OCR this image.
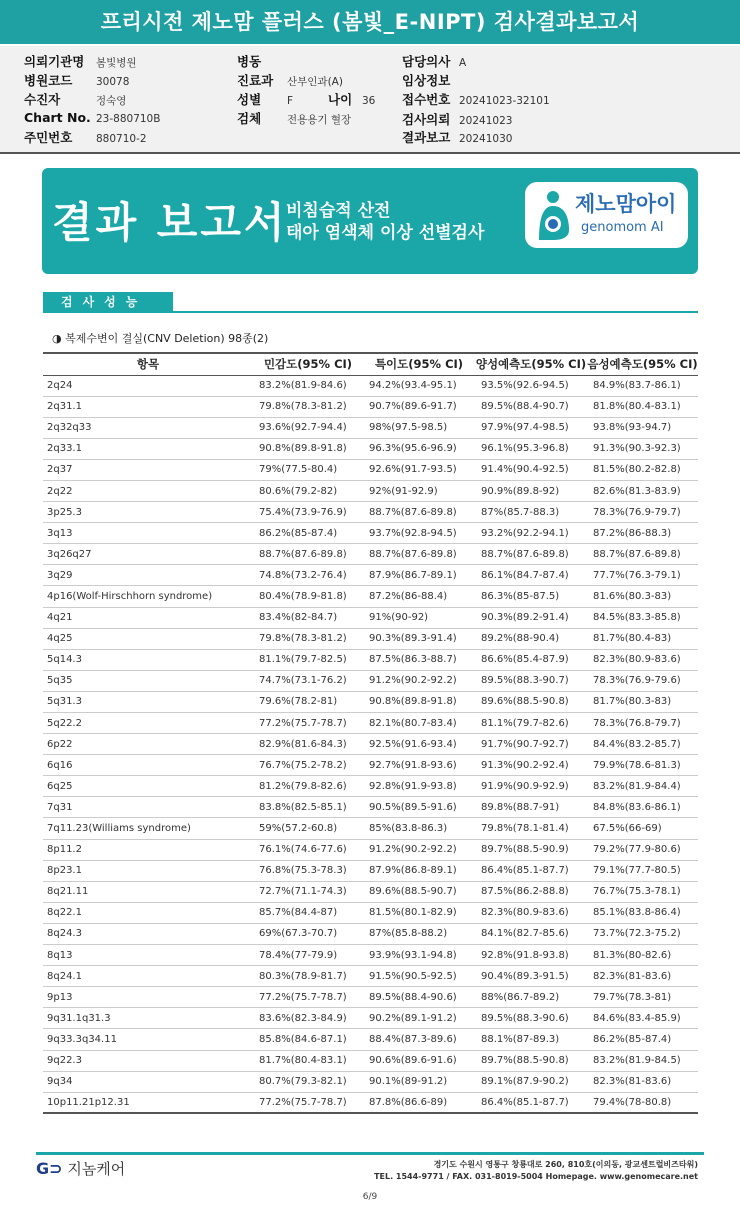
프리시전 제노맘 플러스 (봄빛_E-NIPT) 검사결과보고서
의뢰기관명 봄빛병원
병원코드 30078
수진자	정숙영
Chart No. 23-880710B
주민번호 880710-2
병동
진료과 산부인과(A)
성별 F	나이 36
검체 전용용기 혈장
담당의사 A
임상정보
접수번호 20241023-32101
검사의뢰 20241023
결과보고 20241030
결과 보고서
비침습적 산전
태아 염색체 이상 선별검사
제노맘아이
genomom AI
검사성능
◑ 복제수변이 결실(CNV Deletion) 98종(2)
항목	민감도(95% CI)	특이도(95% CI)	양성예측도(95% CI)	음성예측도(95% CI)
2q24	83.2%(81.9-84.6)	94.2%(93.4-95.1)	93.5%(92.6-94.5)	84.9%(83.7-86.1)
2q31.1	79.8%(78.3-81.2)	90.7%(89.6-91.7)	89.5%(88.4-90.7)	81.8%(80.4-83.1)
2q32q33	93.6%(92.7-94.4)	98%(97.5-98.5)	97.9%(97.4-98.5)	93.8%(93-94.7)
2q33.1	90.8%(89.8-91.8)	96.3%(95.6-96.9)	96.1%(95.3-96.8)	91.3%(90.3-92.3)
2q37	79%(77.5-80.4)	92.6%(91.7-93.5)	91.4%(90.4-92.5)	81.5%(80.2-82.8)
2q22	80.6%(79.2-82)	92%(91-92.9)	90.9%(89.8-92)	82.6%(81.3-83.9)
3p25.3	75.4%(73.9-76.9)	88.7%(87.6-89.8)	87%(85.7-88.3)	78.3%(76.9-79.7)
3q13	86.2%(85-87.4)	93.7%(92.8-94.5)	93.2%(92.2-94.1)	87.2%(86-88.3)
3q26q27	88.7%(87.6-89.8)	88.7%(87.6-89.8)	88.7%(87.6-89.8)	88.7%(87.6-89.8)
3q29	74.8%(73.2-76.4)	87.9%(86.7-89.1)	86.1%(84.7-87.4)	77.7%(76.3-79.1)
4p16(Wolf-Hirschhorn syndrome)	80.4%(78.9-81.8)	87.2%(86-88.4)	86.3%(85-87.5)	81.6%(80.3-83)
4q21	83.4%(82-84.7)	91%(90-92)	90.3%(89.2-91.4)	84.5%(83.3-85.8)
4q25	79.8%(78.3-81.2)	90.3%(89.3-91.4)	89.2%(88-90.4)	81.7%(80.4-83)
5q14.3	81.1%(79.7-82.5)	87.5%(86.3-88.7)	86.6%(85.4-87.9)	82.3%(80.9-83.6)
5q35	74.7%(73.1-76.2)	91.2%(90.2-92.2)	89.5%(88.3-90.7)	78.3%(76.9-79.6)
5q31.3	79.6%(78.2-81)	90.8%(89.8-91.8)	89.6%(88.5-90.8)	81.7%(80.3-83)
5q22.2	77.2%(75.7-78.7)	82.1%(80.7-83.4)	81.1%(79.7-82.6)	78.3%(76.8-79.7)
6p22	82.9%(81.6-84.3)	92.5%(91.6-93.4)	91.7%(90.7-92.7)	84.4%(83.2-85.7)
6q16	76.7%(75.2-78.2)	92.7%(91.8-93.6)	91.3%(90.2-92.4)	79.9%(78.6-81.3)
6q25	81.2%(79.8-82.6)	92.8%(91.9-93.8)	91.9%(90.9-92.9)	83.2%(81.9-84.4)
7q31	83.8%(82.5-85.1)	90.5%(89.5-91.6)	89.8%(88.7-91)	84.8%(83.6-86.1)
7q11.23(Williams syndrome)	59%(57.2-60.8)	85%(83.8-86.3)	79.8%(78.1-81.4)	67.5%(66-69)
8p11.2	76.1%(74.6-77.6)	91.2%(90.2-92.2)	89.7%(88.5-90.9)	79.2%(77.9-80.6)
8p23.1	76.8%(75.3-78.3)	87.9%(86.8-89.1)	86.4%(85.1-87.7)	79.1%(77.7-80.5)
8q21.11	72.7%(71.1-74.3)	89.6%(88.5-90.7)	87.5%(86.2-88.8)	76.7%(75.3-78.1)
8q22.1	85.7%(84.4-87)	81.5%(80.1-82.9)	82.3%(80.9-83.6)	85.1%(83.8-86.4)
8q24.3	69%(67.3-70.7)	87%(85.8-88.2)	84.1%(82.7-85.6)	73.7%(72.3-75.2)
8q13	78.4%(77-79.9)	93.9%(93.1-94.8)	92.8%(91.8-93.8)	81.3%(80-82.6)
8q24.1	80.3%(78.9-81.7)	91.5%(90.5-92.5)	90.4%(89.3-91.5)	82.3%(81-83.6)
9p13	77.2%(75.7-78.7)	89.5%(88.4-90.6)	88%(86.7-89.2)	79.7%(78.3-81)
9q31.1q31.3	83.6%(82.3-84.9)	90.2%(89.1-91.2)	89.5%(88.3-90.6)	84.6%(83.4-85.9)
9q33.3q34.11	85.8%(84.6-87.1)	88.4%(87.3-89.6)	88.1%(87-89.3)	86.2%(85-87.4)
9q22.3	81.7%(80.4-83.1)	90.6%(89.6-91.6)	89.7%(88.5-90.8)	83.2%(81.9-84.5)
9q34	80.7%(79.3-82.1)	90.1%(89-91.2)	89.1%(87.9-90.2)	82.3%(81-83.6)
10p11.21p12.31	77.2%(75.7-78.7)	87.8%(86.6-89)	86.4%(85.1-87.7)	79.4%(78-80.8)
G⊃ 지놈케어	경기도 수원시 영통구 창룡대로 260, 810호(이의동, 광교센트럴비즈타워)
TEL. 1544-9771 / FAX. 031-8019-5004 Homepage. www.genomecare.net
6/9
